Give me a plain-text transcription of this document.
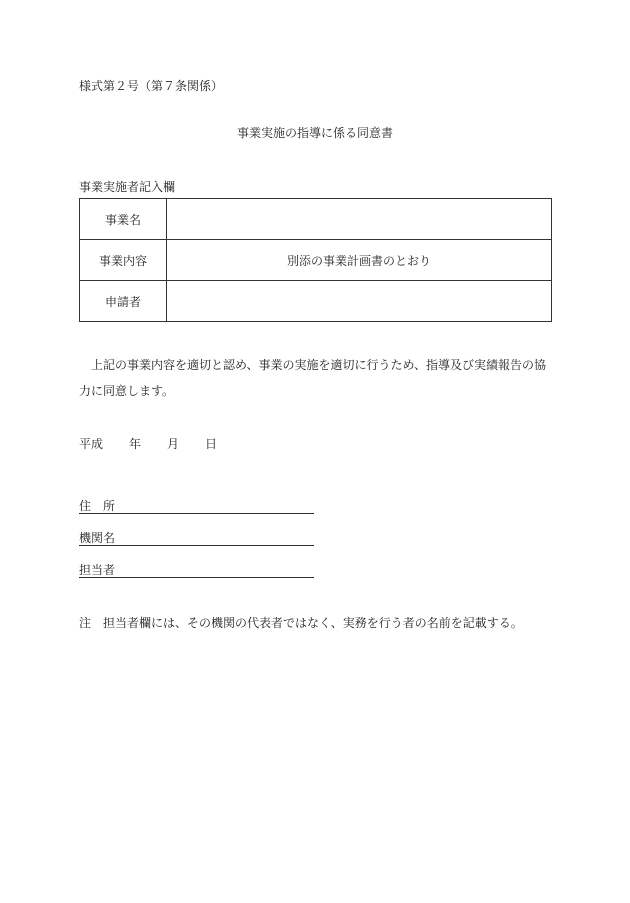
様式第２号（第７条関係）
事業実施の指導に係る同意書
事業実施者記入欄
事業名	
事業内容	別添の事業計画書のとおり
申請者	
上記の事業内容を適切と認め、事業の実施を適切に行うため、指導及び実績報告の協力に同意します。
平成 年 月 日
住　所
機関名
担当者
注 担当者欄には、その機関の代表者ではなく、実務を行う者の名前を記載する。
